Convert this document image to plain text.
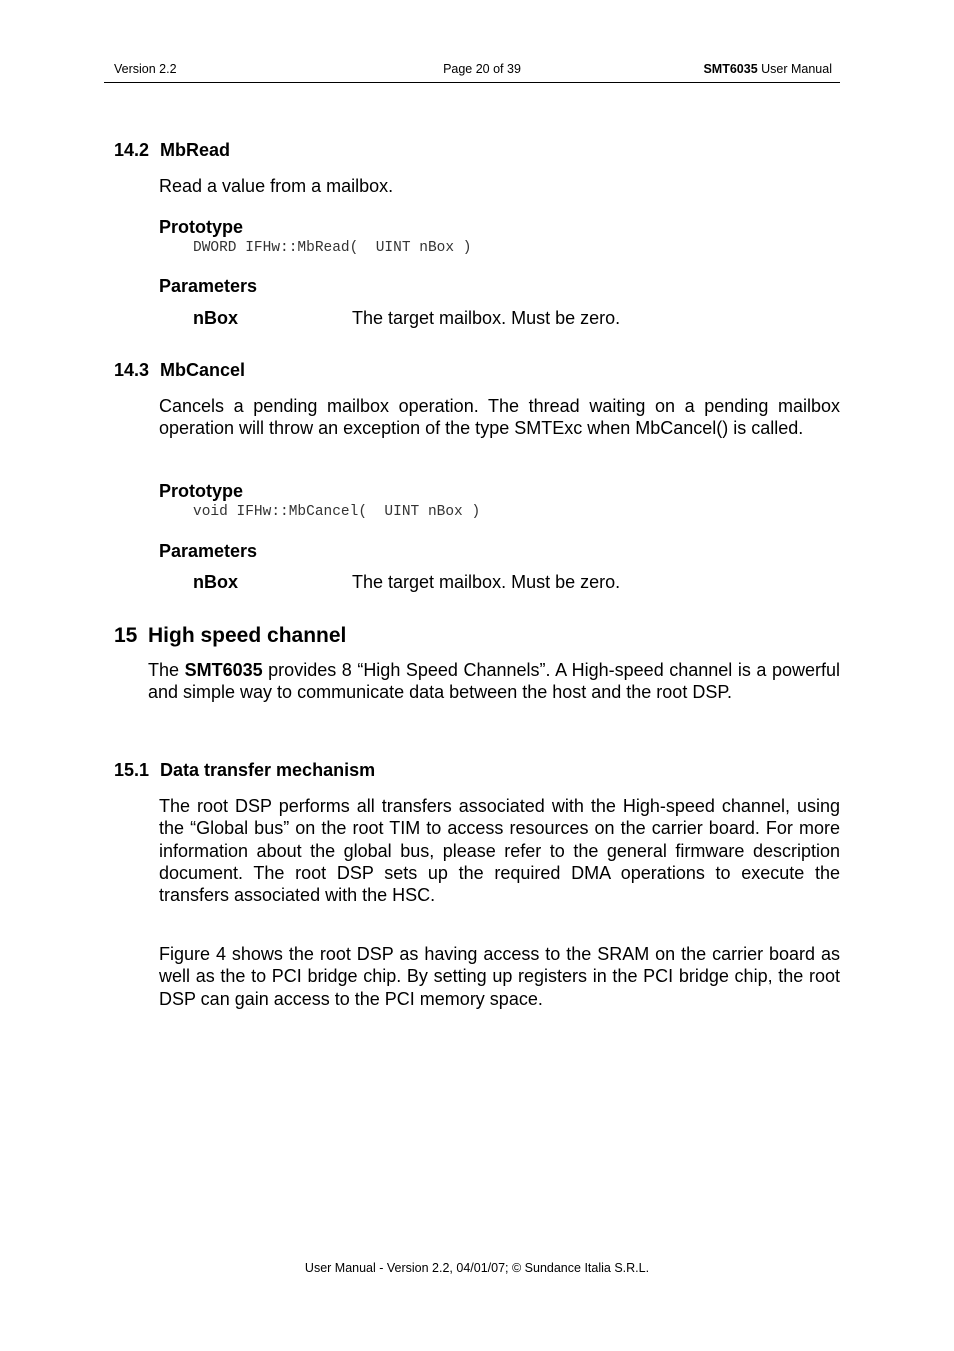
Version 2.2	Page 20 of 39	SMT6035 User Manual
14.2 MbRead
Read a value from a mailbox.
Prototype
DWORD IFHw::MbRead(  UINT nBox )
Parameters
nBox	The target mailbox. Must be zero.
14.3 MbCancel
Cancels a pending mailbox operation. The thread waiting on a pending mailbox operation will throw an exception of the type SMTExc when MbCancel() is called.
Prototype
void IFHw::MbCancel(  UINT nBox )
Parameters
nBox	The target mailbox. Must be zero.
15 High speed channel
The SMT6035 provides 8 “High Speed Channels”. A High-speed channel is a powerful and simple way to communicate data between the host and the root DSP.
15.1 Data transfer mechanism
The root DSP performs all transfers associated with the High-speed channel, using the “Global bus” on the root TIM to access resources on the carrier board. For more information about the global bus, please refer to the general firmware description document. The root DSP sets up the required DMA operations to execute the transfers associated with the HSC.
Figure 4 shows the root DSP as having access to the SRAM on the carrier board as well as the to PCI bridge chip. By setting up registers in the PCI bridge chip, the root DSP can gain access to the PCI memory space.
User Manual - Version 2.2, 04/01/07; © Sundance Italia S.R.L.
